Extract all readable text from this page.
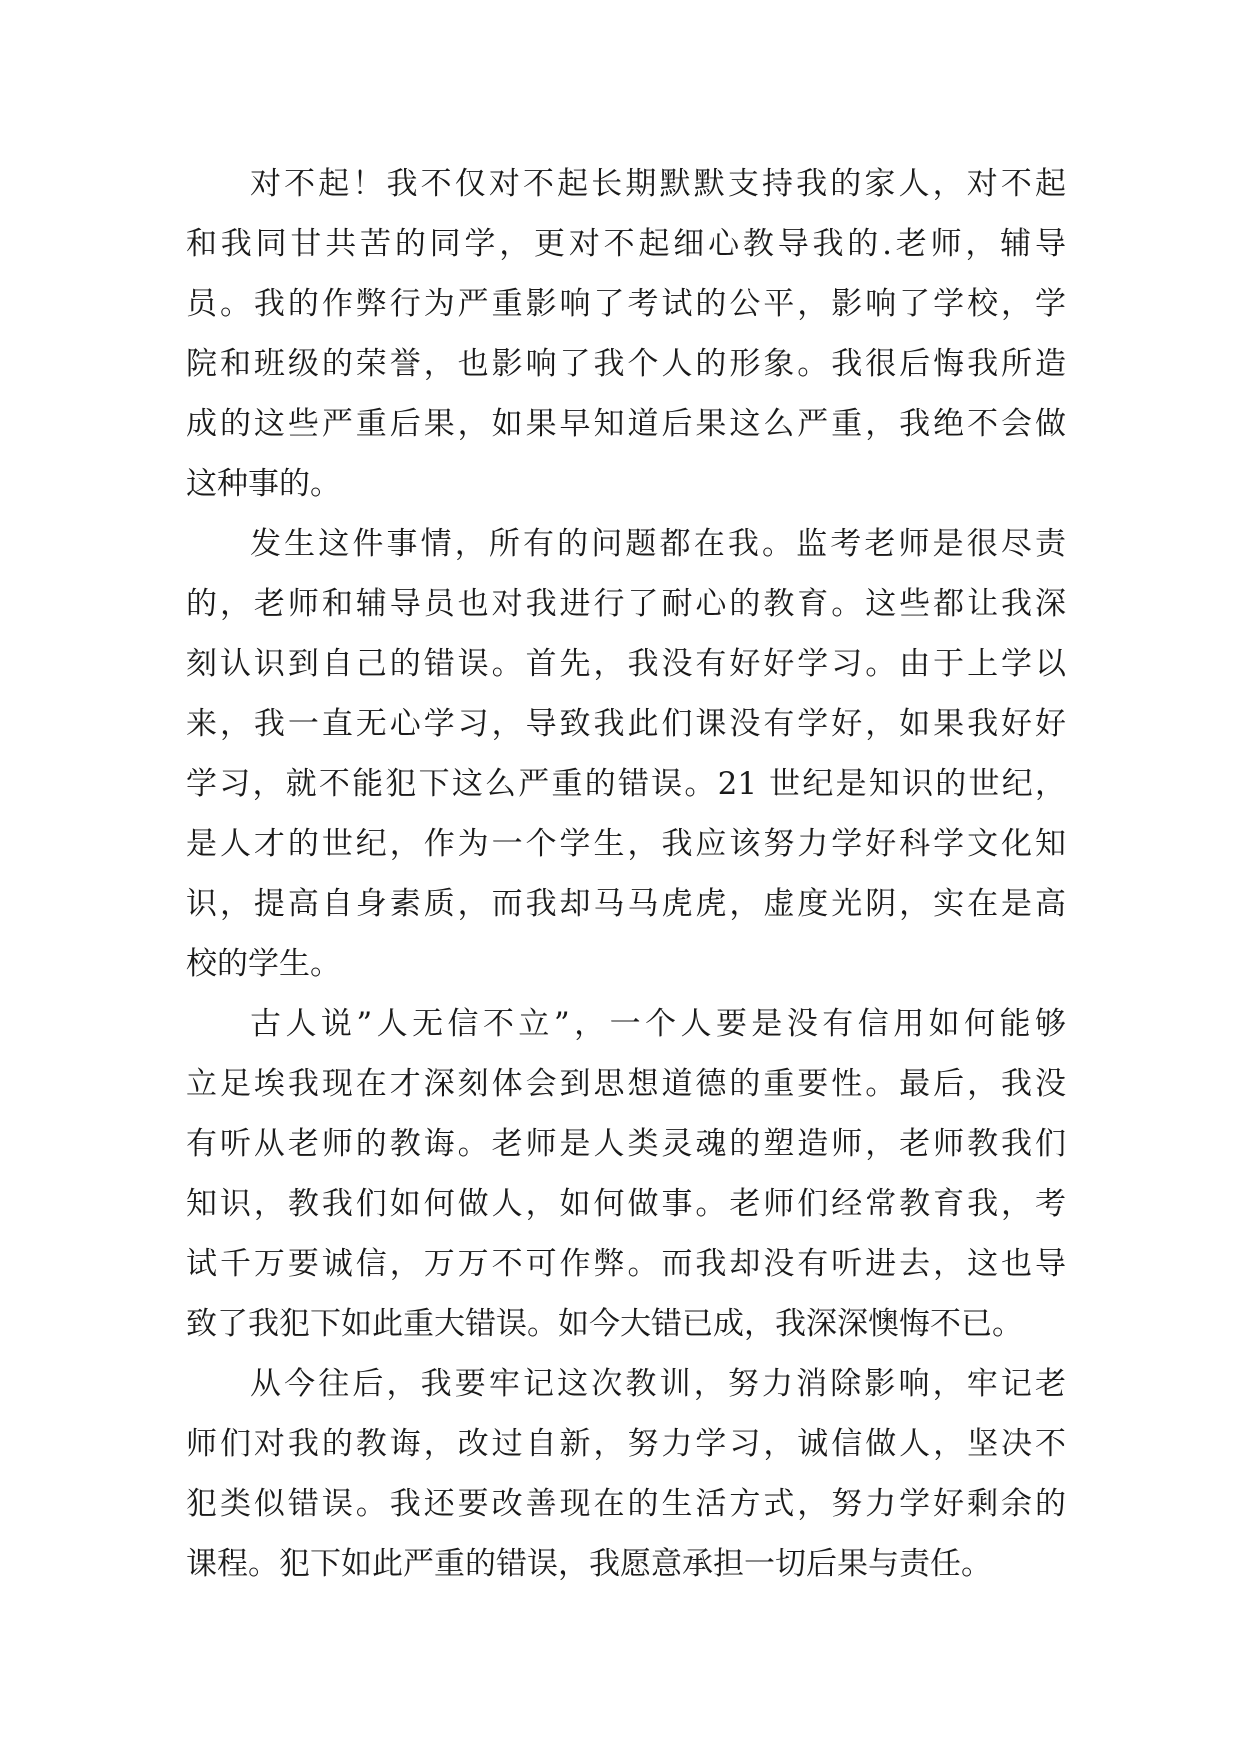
对不起！我不仅对不起长期默默支持我的家人，对不起
和我同甘共苦的同学，更对不起细心教导我的.老师，辅导
员。我的作弊行为严重影响了考试的公平，影响了学校，学
院和班级的荣誉，也影响了我个人的形象。我很后悔我所造
成的这些严重后果，如果早知道后果这么严重，我绝不会做
这种事的。
发生这件事情，所有的问题都在我。监考老师是很尽责
的，老师和辅导员也对我进行了耐心的教育。这些都让我深
刻认识到自己的错误。首先，我没有好好学习。由于上学以
来，我一直无心学习，导致我此们课没有学好，如果我好好
学习，就不能犯下这么严重的错误。21 世纪是知识的世纪，
是人才的世纪，作为一个学生，我应该努力学好科学文化知
识，提高自身素质，而我却马马虎虎，虚度光阴，实在是高
校的学生。
古人说”人无信不立”，一个人要是没有信用如何能够
立足埃我现在才深刻体会到思想道德的重要性。最后，我没
有听从老师的教诲。老师是人类灵魂的塑造师，老师教我们
知识，教我们如何做人，如何做事。老师们经常教育我，考
试千万要诚信，万万不可作弊。而我却没有听进去，这也导
致了我犯下如此重大错误。如今大错已成，我深深懊悔不已。
从今往后，我要牢记这次教训，努力消除影响，牢记老
师们对我的教诲，改过自新，努力学习，诚信做人，坚决不
犯类似错误。我还要改善现在的生活方式，努力学好剩余的
课程。犯下如此严重的错误，我愿意承担一切后果与责任。
